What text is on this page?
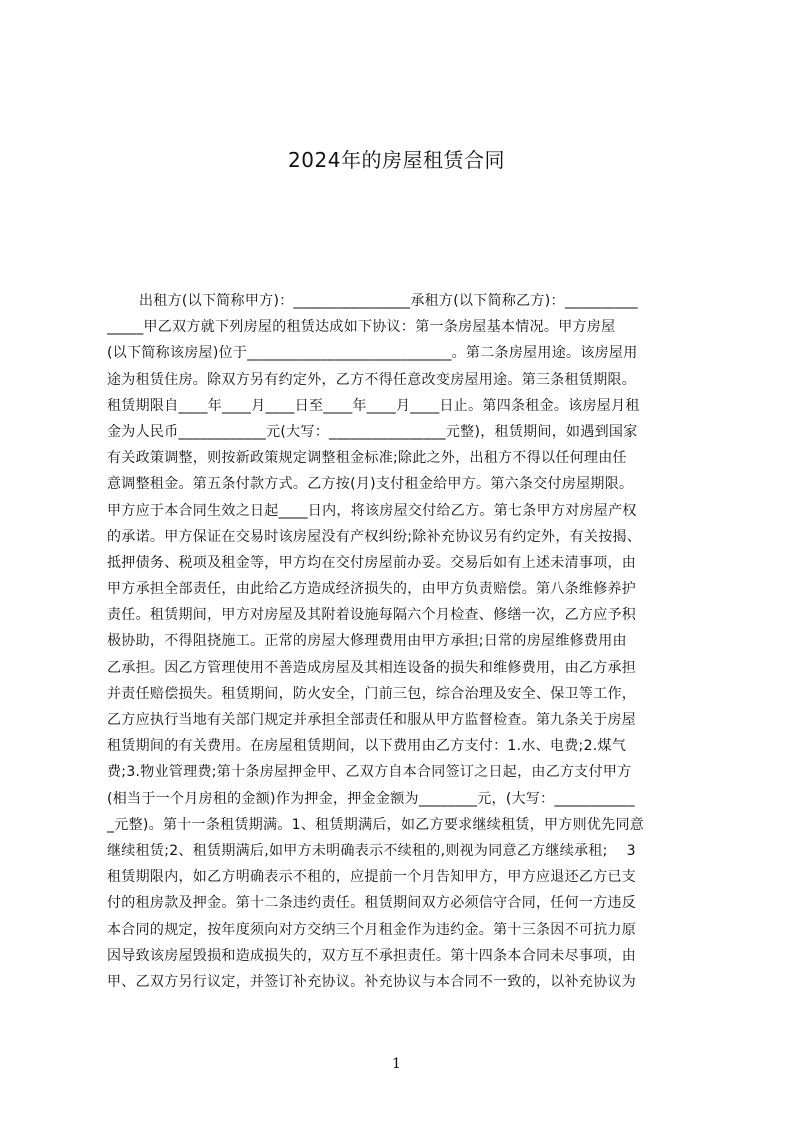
2024年的房屋租赁合同
出租方(以下简称甲方)：________________承租方(以下简称乙方)：__________
_____甲乙双方就下列房屋的租赁达成如下协议：第一条房屋基本情况。甲方房屋
(以下简称该房屋)位于____________________________。第二条房屋用途。该房屋用
途为租赁住房。除双方另有约定外，乙方不得任意改变房屋用途。第三条租赁期限。
租赁期限自____年____月____日至____年____月____日止。第四条租金。该房屋月租
金为人民币____________元(大写：________________元整)，租赁期间，如遇到国家
有关政策调整，则按新政策规定调整租金标准;除此之外，出租方不得以任何理由任
意调整租金。第五条付款方式。乙方按(月)支付租金给甲方。第六条交付房屋期限。
甲方应于本合同生效之日起____日内，将该房屋交付给乙方。第七条甲方对房屋产权
的承诺。甲方保证在交易时该房屋没有产权纠纷;除补充协议另有约定外，有关按揭、
抵押债务、税项及租金等，甲方均在交付房屋前办妥。交易后如有上述未清事项，由
甲方承担全部责任，由此给乙方造成经济损失的，由甲方负责赔偿。第八条维修养护
责任。租赁期间，甲方对房屋及其附着设施每隔六个月检查、修缮一次，乙方应予积
极协助，不得阻挠施工。正常的房屋大修理费用由甲方承担;日常的房屋维修费用由
乙承担。因乙方管理使用不善造成房屋及其相连设备的损失和维修费用，由乙方承担
并责任赔偿损失。租赁期间，防火安全，门前三包，综合治理及安全、保卫等工作，
乙方应执行当地有关部门规定并承担全部责任和服从甲方监督检查。第九条关于房屋
租赁期间的有关费用。在房屋租赁期间，以下费用由乙方支付：1.水、电费;2.煤气
费;3.物业管理费;第十条房屋押金甲、乙双方自本合同签订之日起，由乙方支付甲方
(相当于一个月房租的金额)作为押金，押金金额为________元，(大写：___________
_元整)。第十一条租赁期满。1、租赁期满后，如乙方要求继续租赁，甲方则优先同意
继续租赁;2、租赁期满后,如甲方未明确表示不续租的,则视为同意乙方继续承租;    3
租赁期限内，如乙方明确表示不租的，应提前一个月告知甲方，甲方应退还乙方已支
付的租房款及押金。第十二条违约责任。租赁期间双方必须信守合同，任何一方违反
本合同的规定，按年度须向对方交纳三个月租金作为违约金。第十三条因不可抗力原
因导致该房屋毁损和造成损失的，双方互不承担责任。第十四条本合同未尽事项，由
甲、乙双方另行议定，并签订补充协议。补充协议与本合同不一致的，以补充协议为
1
